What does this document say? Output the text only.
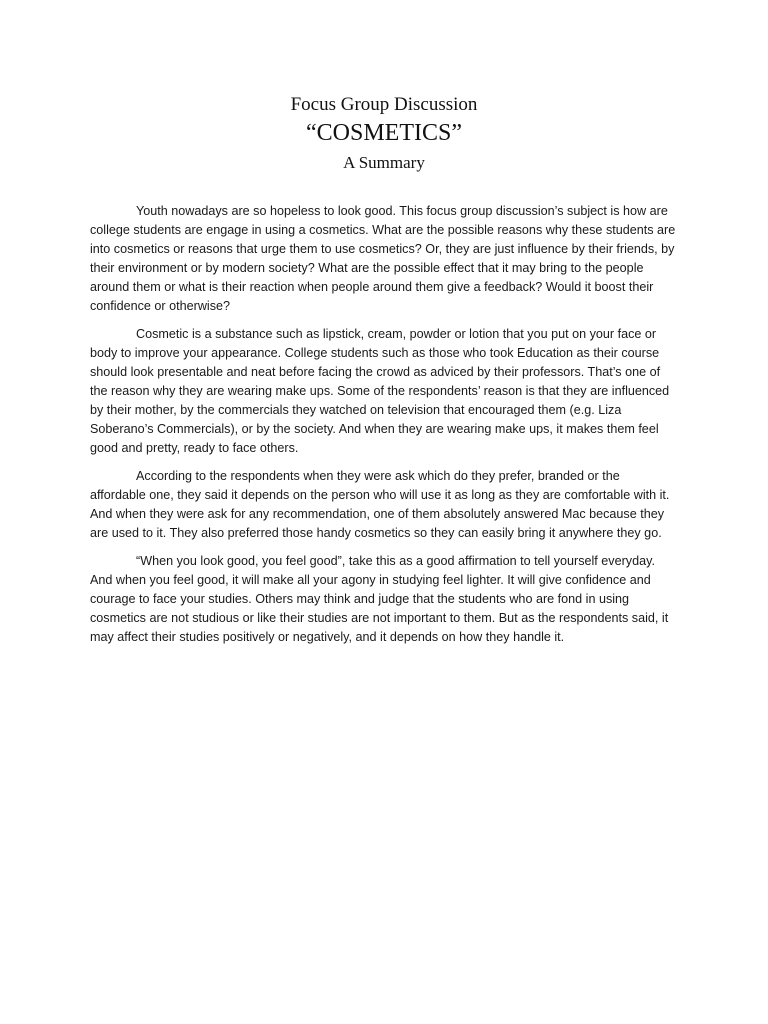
Focus Group Discussion
“COSMETICS”
A Summary

Youth nowadays are so hopeless to look good. This focus group discussion’s subject is how are college students are engage in using a cosmetics. What are the possible reasons why these students are into cosmetics or reasons that urge them to use cosmetics? Or, they are just influence by their friends, by their environment or by modern society? What are the possible effect that it may bring to the people around them or what is their reaction when people around them give a feedback? Would it boost their confidence or otherwise?

Cosmetic is a substance such as lipstick, cream, powder or lotion that you put on your face or body to improve your appearance. College students such as those who took Education as their course should look presentable and neat before facing the crowd as adviced by their professors. That’s one of the reason why they are wearing make ups. Some of the respondents’ reason is that they are influenced by their mother, by the commercials they watched on television that encouraged them (e.g. Liza Soberano’s Commercials), or by the society. And when they are wearing make ups, it makes them feel good and pretty, ready to face others.

According to the respondents when they were ask which do they prefer, branded or the affordable one, they said it depends on the person who will use it as long as they are comfortable with it. And when they were ask for any recommendation, one of them absolutely answered Mac because they are used to it. They also preferred those handy cosmetics so they can easily bring it anywhere they go.

“When you look good, you feel good”, take this as a good affirmation to tell yourself everyday. And when you feel good, it will make all your agony in studying feel lighter. It will give confidence and courage to face your studies. Others may think and judge that the students who are fond in using cosmetics are not studious or like their studies are not important to them. But as the respondents said, it may affect their studies positively or negatively, and it depends on how they handle it.
